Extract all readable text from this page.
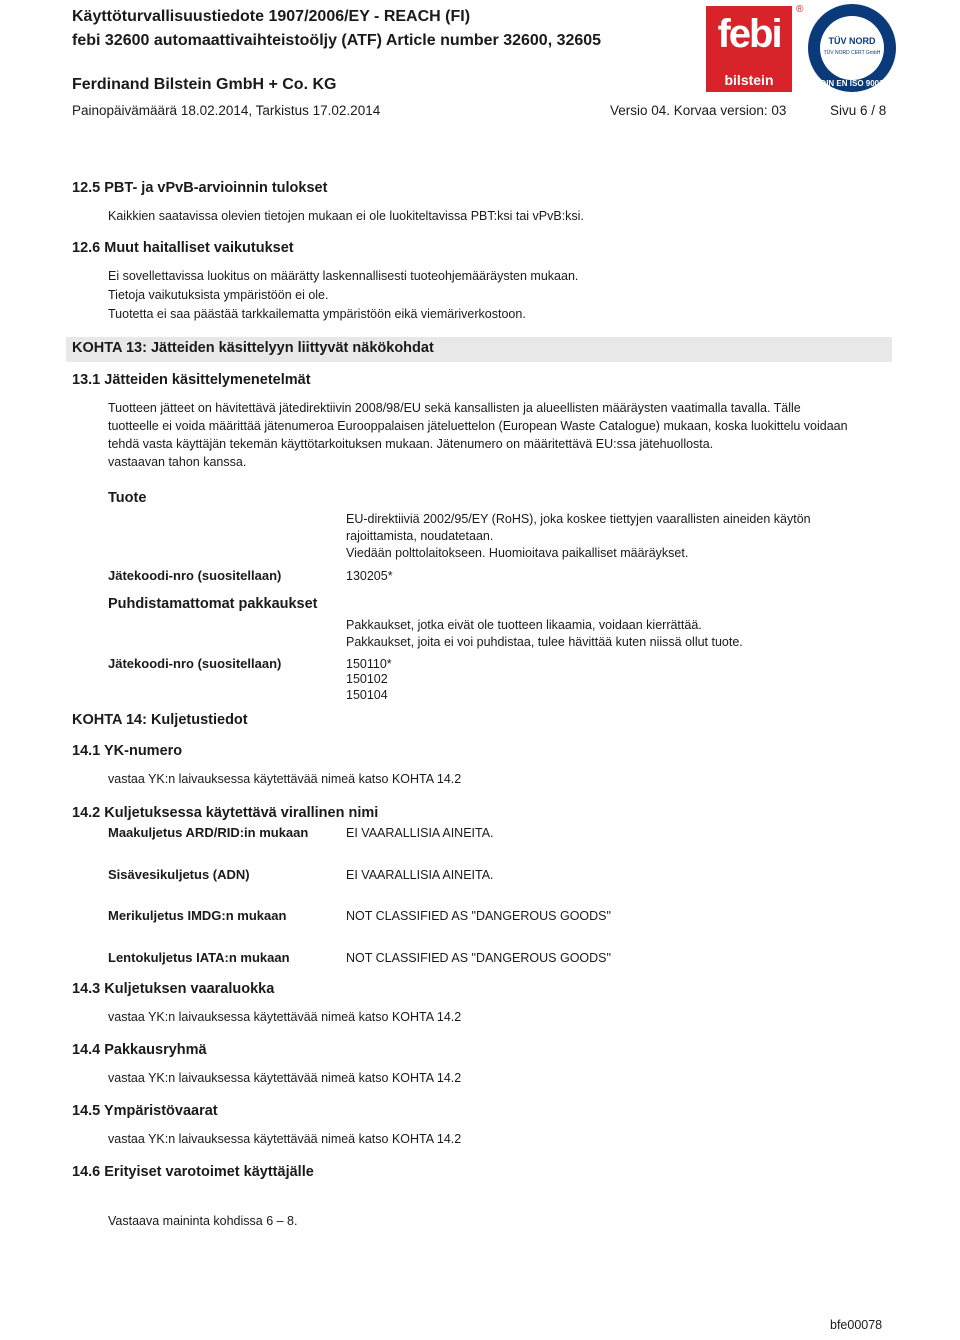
Käyttöturvallisuustiedote 1907/2006/EY - REACH (FI)
febi 32600 automaattivaihteistoöljy (ATF) Article number 32600, 32605
Ferdinand Bilstein GmbH + Co. KG
Painopäivämäärä 18.02.2014, Tarkistus 17.02.2014	Versio 04. Korvaa version: 03	Sivu 6 / 8
febi
bilstein
®
TÜV NORD
TÜV NORD CERT GmbH
DIN EN ISO 9001
12.5 PBT- ja vPvB-arvioinnin tulokset
Kaikkien saatavissa olevien tietojen mukaan ei ole luokiteltavissa PBT:ksi tai vPvB:ksi.
12.6 Muut haitalliset vaikutukset
Ei sovellettavissa luokitus on määrätty laskennallisesti tuoteohjemääräysten mukaan.
Tietoja vaikutuksista ympäristöön ei ole.
Tuotetta ei saa päästää tarkkailematta ympäristöön eikä viemäriverkostoon.
KOHTA 13: Jätteiden käsittelyyn liittyvät näkökohdat
13.1 Jätteiden käsittelymenetelmät
Tuotteen jätteet on hävitettävä jätedirektiivin 2008/98/EU sekä kansallisten ja alueellisten määräysten vaatimalla tavalla. Tälle
tuotteelle ei voida määrittää jätenumeroa Eurooppalaisen jäteluettelon (European Waste Catalogue) mukaan, koska luokittelu voidaan
tehdä vasta käyttäjän tekemän käyttötarkoituksen mukaan. Jätenumero on määritettävä EU:ssa jätehuollosta.
vastaavan tahon kanssa.
Tuote
EU-direktiiviä 2002/95/EY (RoHS), joka koskee tiettyjen vaarallisten aineiden käytön
rajoittamista, noudatetaan.
Viedään polttolaitokseen. Huomioitava paikalliset määräykset.
Jätekoodi-nro (suositellaan)	130205*
Puhdistamattomat pakkaukset
Pakkaukset, jotka eivät ole tuotteen likaamia, voidaan kierrättää.
Pakkaukset, joita ei voi puhdistaa, tulee hävittää kuten niissä ollut tuote.
Jätekoodi-nro (suositellaan)	150110*
150102
150104
KOHTA 14: Kuljetustiedot
14.1 YK-numero
vastaa YK:n laivauksessa käytettävää nimeä katso KOHTA 14.2
14.2 Kuljetuksessa käytettävä virallinen nimi
Maakuljetus ARD/RID:in mukaan	EI VAARALLISIA AINEITA.
Sisävesikuljetus (ADN)	EI VAARALLISIA AINEITA.
Merikuljetus IMDG:n mukaan	NOT CLASSIFIED AS "DANGEROUS GOODS"
Lentokuljetus IATA:n mukaan	NOT CLASSIFIED AS "DANGEROUS GOODS"
14.3 Kuljetuksen vaaraluokka
vastaa YK:n laivauksessa käytettävää nimeä katso KOHTA 14.2
14.4 Pakkausryhmä
vastaa YK:n laivauksessa käytettävää nimeä katso KOHTA 14.2
14.5 Ympäristövaarat
vastaa YK:n laivauksessa käytettävää nimeä katso KOHTA 14.2
14.6 Erityiset varotoimet käyttäjälle
Vastaava maininta kohdissa 6 – 8.
bfe00078
